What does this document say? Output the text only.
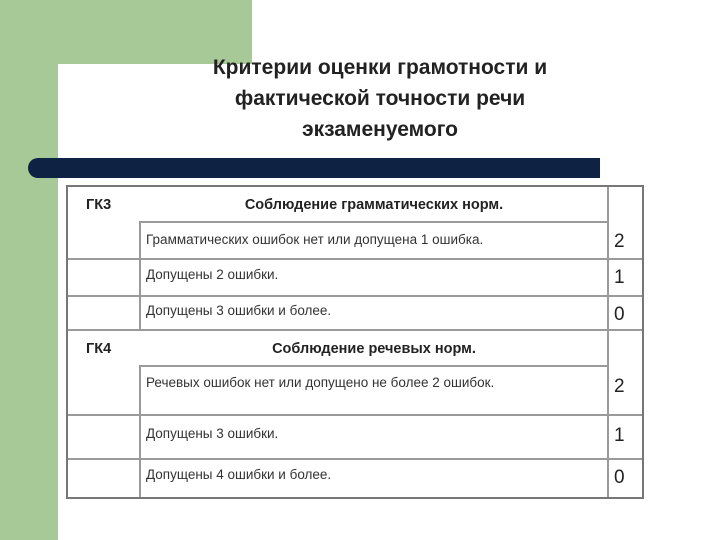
Критерии оценки грамотности и
фактической точности речи
экзаменуемого
ГК3	Соблюдение грамматических норм.
Грамматических ошибок нет или допущена 1 ошибка.	2
Допущены 2 ошибки.	1
Допущены 3 ошибки и более.	0
ГК4	Соблюдение речевых норм.
Речевых ошибок нет или допущено не более 2 ошибок.	2
Допущены 3 ошибки.	1
Допущены 4 ошибки и более.	0
